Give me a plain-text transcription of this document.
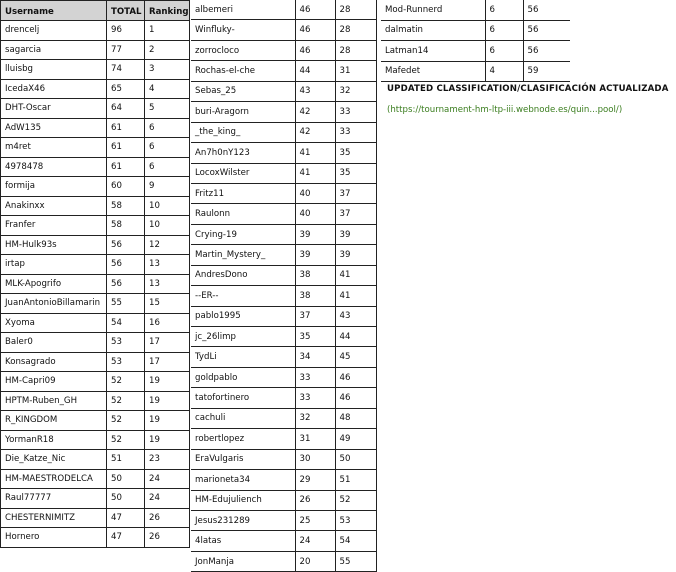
Username	TOTAL	Ranking
drencelj	96	1
sagarcia	77	2
lluisbg	74	3
IcedaX46	65	4
DHT-Oscar	64	5
AdW135	61	6
m4ret	61	6
4978478	61	6
formija	60	9
Anakinxx	58	10
Franfer	58	10
HM-Hulk93s	56	12
irtap	56	13
MLK-Apogrifo	56	13
JuanAntonioBillamarin	55	15
Xyoma	54	16
Baler0	53	17
Konsagrado	53	17
HM-Capri09	52	19
HPTM-Ruben_GH	52	19
R_KINGDOM	52	19
YormanR18	52	19
Die_Katze_Nic	51	23
HM-MAESTRODELCA	50	24
Raul77777	50	24
CHESTERNIMITZ	47	26
Hornero	47	26
albemeri	46	28
Winfluky-	46	28
zorrocloco	46	28
Rochas-el-che	44	31
Sebas_25	43	32
buri-Aragorn	42	33
_the_king_	42	33
An7h0nY123	41	35
LocoxWilster	41	35
Fritz11	40	37
Raulonn	40	37
Crying-19	39	39
Martin_Mystery_	39	39
AndresDono	38	41
--ER--	38	41
pablo1995	37	43
jc_26limp	35	44
TydLi	34	45
goldpablo	33	46
tatofortinero	33	46
cachuli	32	48
robertlopez	31	49
EraVulgaris	30	50
marioneta34	29	51
HM-Edujuliench	26	52
Jesus231289	25	53
4latas	24	54
JonManja	20	55
Mod-Runnerd	6	56
dalmatin	6	56
Latman14	6	56
Mafedet	4	59
UPDATED CLASSIFICATION/CLASIFICACIÓN ACTUALIZADA
(https://tournament-hm-ltp-iii.webnode.es/quin...pool/)
